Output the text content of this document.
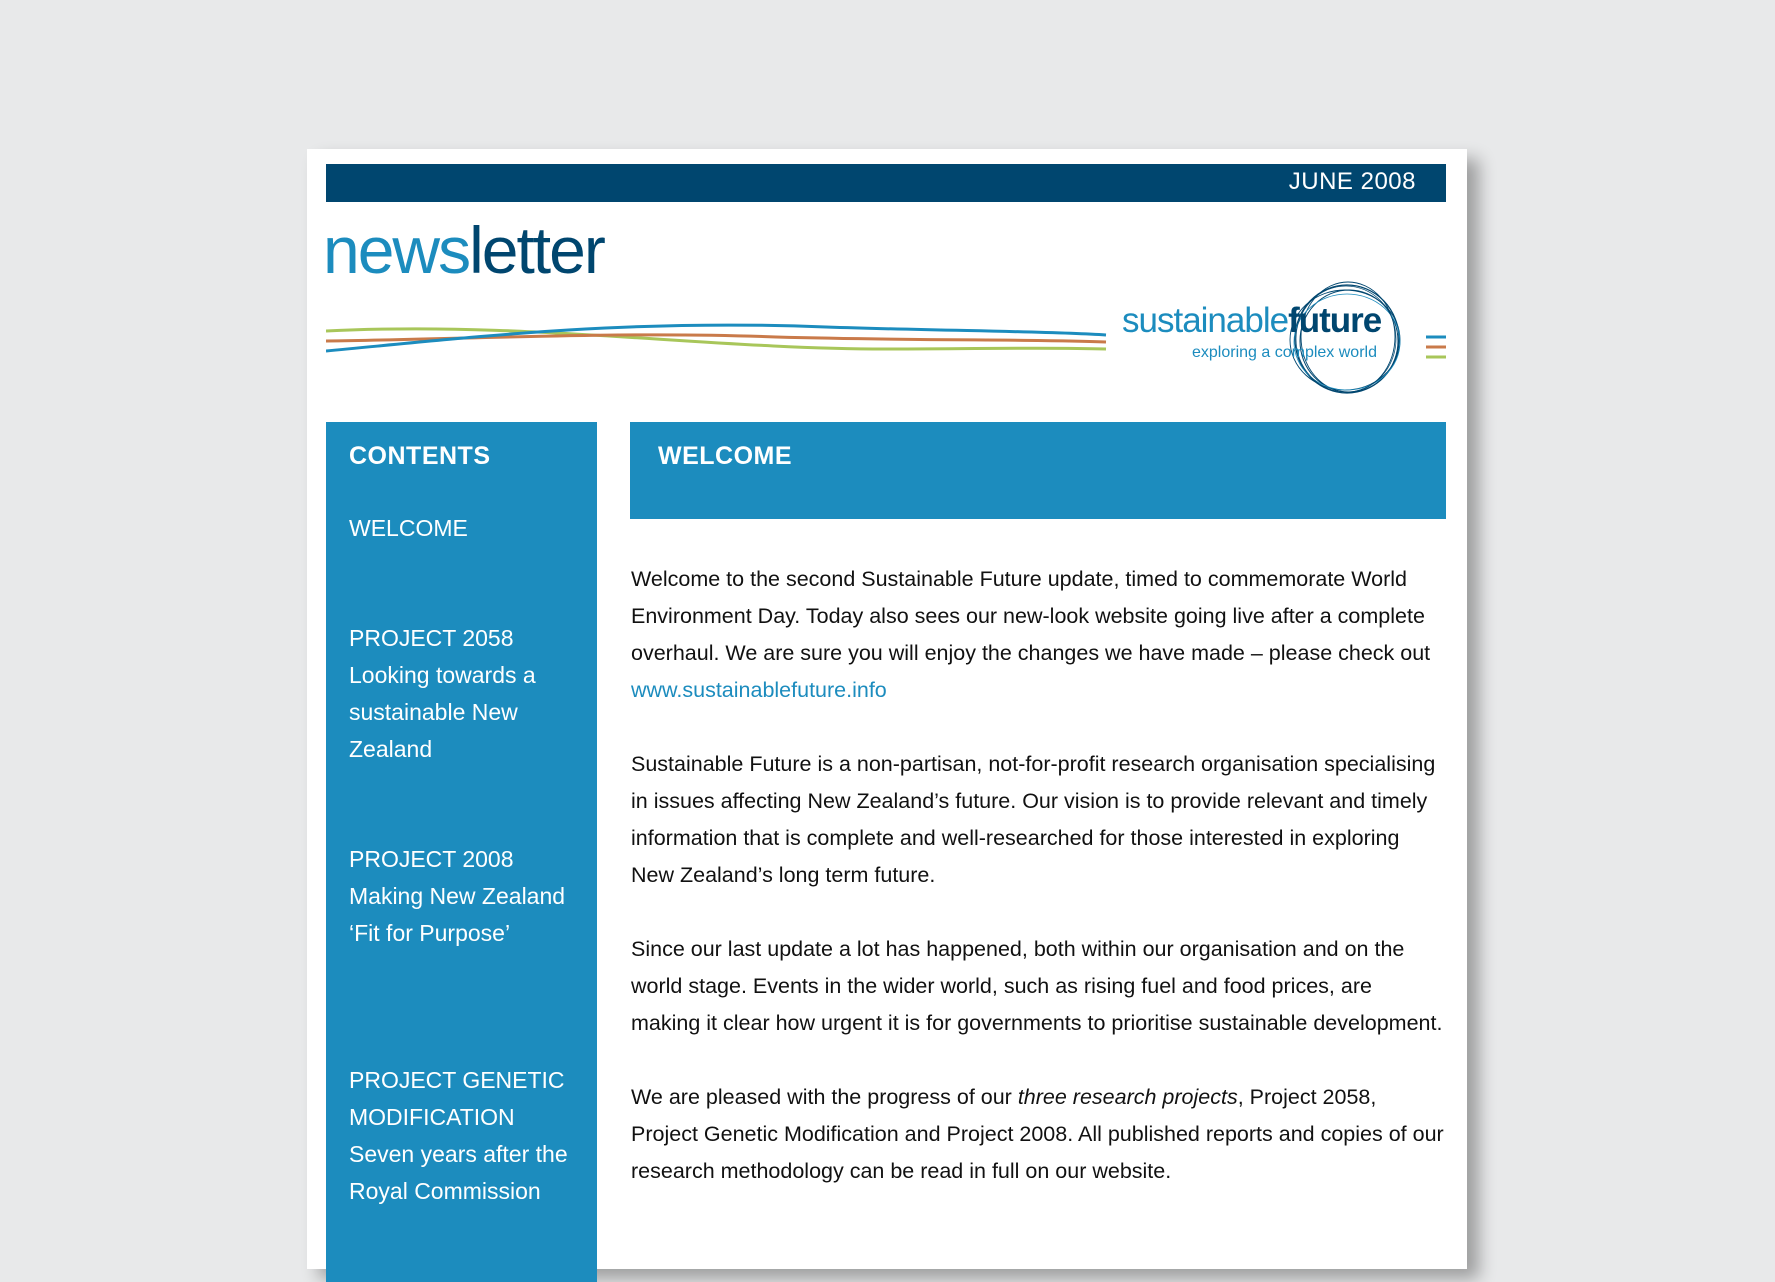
JUNE 2008
newsletter
sustainablefuture
exploring a complex world
CONTENTS
WELCOME
PROJECT 2058
Looking towards a sustainable New Zealand
PROJECT 2008
Making New Zealand ‘Fit for Purpose’
PROJECT GENETIC MODIFICATION
Seven years after the Royal Commission
WELCOME

Welcome to the second Sustainable Future update, timed to commemorate World Environment Day. Today also sees our new-look website going live after a complete overhaul. We are sure you will enjoy the changes we have made – please check out
www.sustainablefuture.info

Sustainable Future is a non-partisan, not-for-profit research organisation specialising in issues affecting New Zealand’s future. Our vision is to provide relevant and timely information that is complete and well-researched for those interested in exploring New Zealand’s long term future.

Since our last update a lot has happened, both within our organisation and on the world stage. Events in the wider world, such as rising fuel and food prices, are making it clear how urgent it is for governments to prioritise sustainable development.

We are pleased with the progress of our three research projects, Project 2058, Project Genetic Modification and Project 2008. All published reports and copies of our research methodology can be read in full on our website.
